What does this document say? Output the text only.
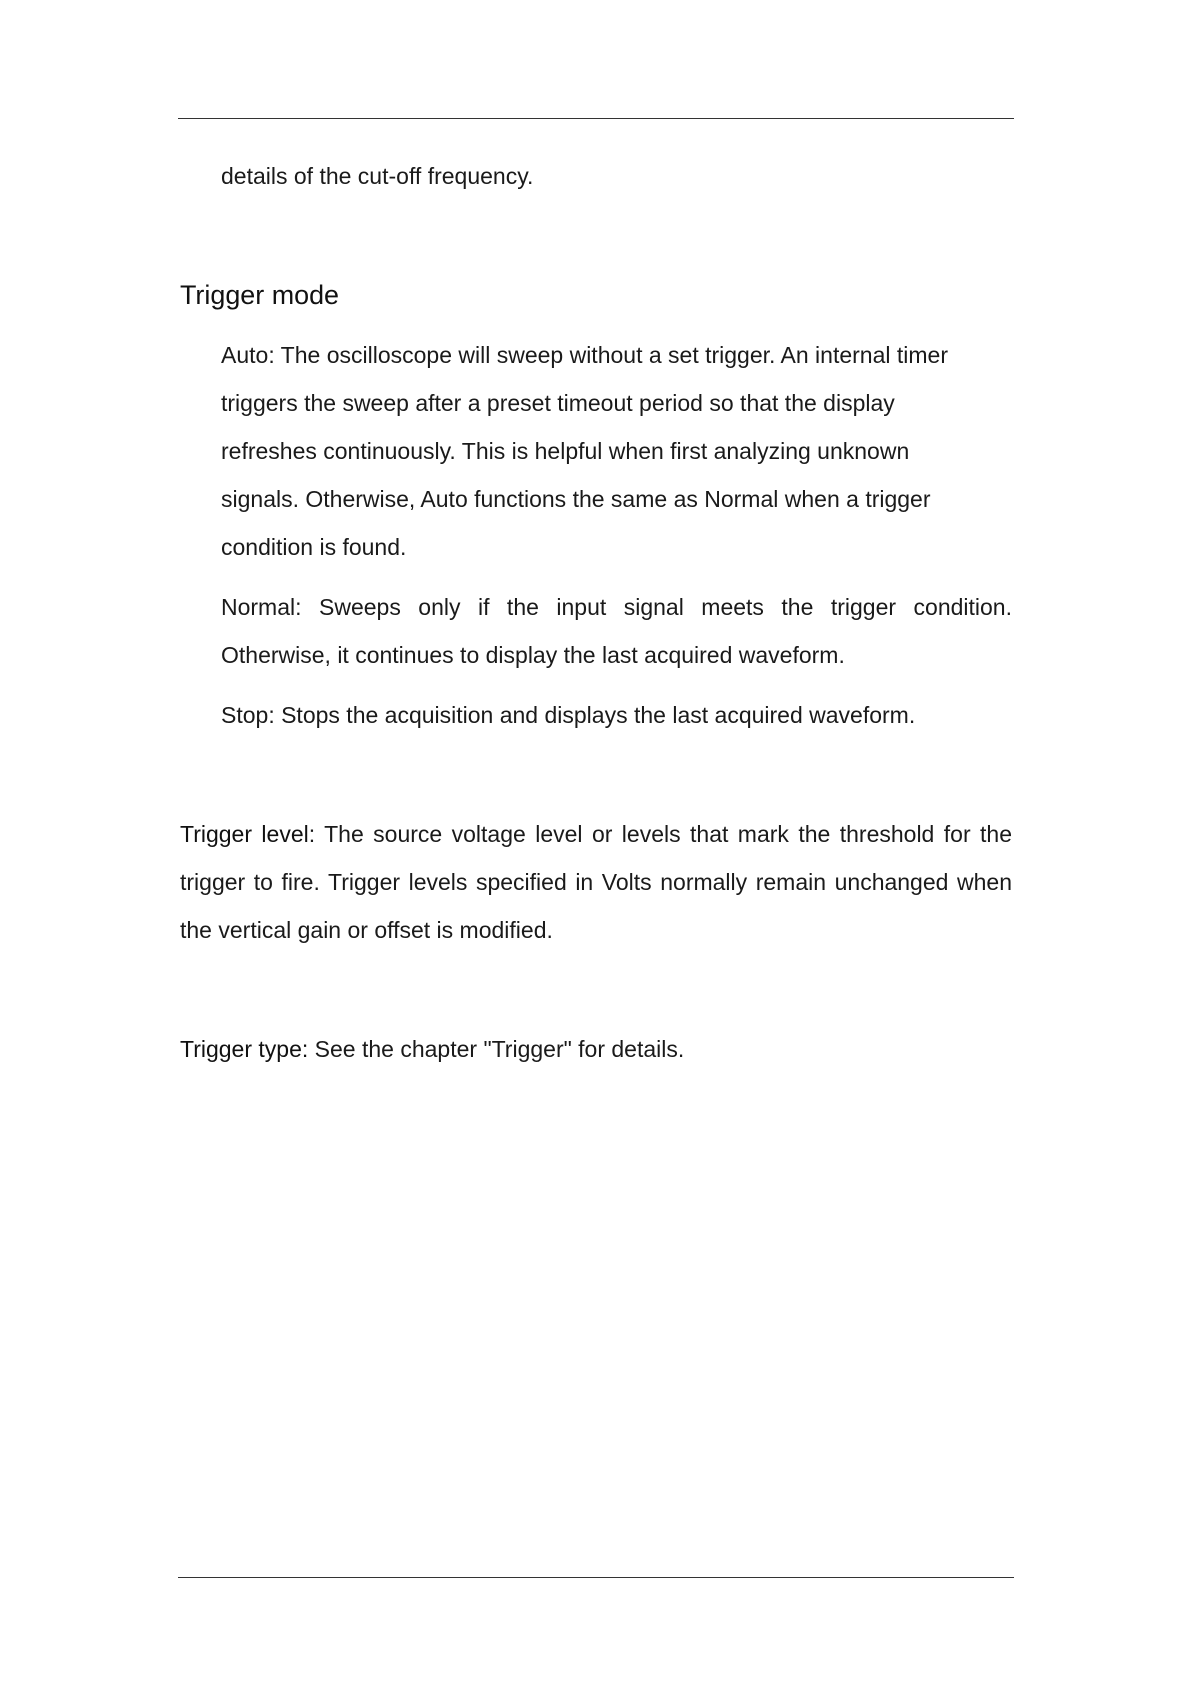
details of the cut-off frequency.

Trigger mode

Auto: The oscilloscope will sweep without a set trigger. An internal timer triggers the sweep after a preset timeout period so that the display refreshes continuously. This is helpful when first analyzing unknown signals. Otherwise, Auto functions the same as Normal when a trigger condition is found.

Normal: Sweeps only if the input signal meets the trigger condition. Otherwise, it continues to display the last acquired waveform.

Stop: Stops the acquisition and displays the last acquired waveform.

Trigger level: The source voltage level or levels that mark the threshold for the trigger to fire. Trigger levels specified in Volts normally remain unchanged when the vertical gain or offset is modified.

Trigger type: See the chapter "Trigger" for details.
